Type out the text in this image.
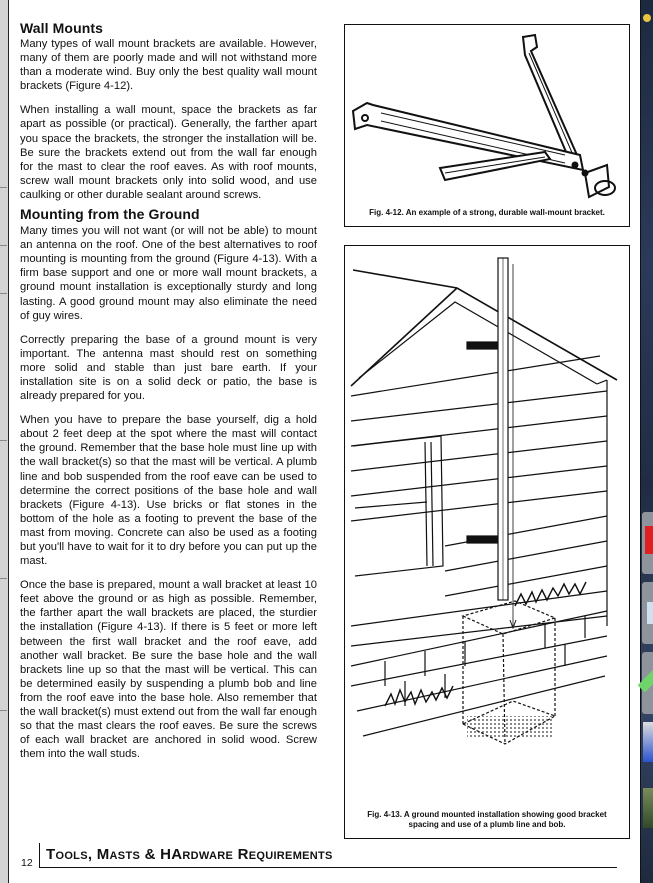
Wall Mounts

Many types of wall mount brackets are available. However, many of them are poorly made and will not withstand more than a moderate wind. Buy only the best quality wall mount brackets (Figure 4-12).

When installing a wall mount, space the brackets as far apart as possible (or practical). Generally, the farther apart you space the brackets, the stronger the installation will be. Be sure the brackets extend out from the wall far enough for the mast to clear the roof eaves. As with roof mounts, screw wall mount brackets only into solid wood, and use caulking or other durable sealant around screws.

Mounting from the Ground

Many times you will not want (or will not be able) to mount an antenna on the roof. One of the best alternatives to roof mounting is mounting from the ground (Figure 4-13). With a firm base support and one or more wall mount brackets, a ground mount installation is exceptionally sturdy and long lasting. A good ground mount may also eliminate the need of guy wires.

Correctly preparing the base of a ground mount is very important. The antenna mast should rest on something more solid and stable than just bare earth. If your installation site is on a solid deck or patio, the base is already prepared for you.

When you have to prepare the base yourself, dig a hold about 2 feet deep at the spot where the mast will contact the ground. Remember that the base hole must line up with the wall bracket(s) so that the mast will be vertical. A plumb line and bob suspended from the roof eave can be used to determine the correct positions of the base hole and wall brackets (Figure 4-13). Use bricks or flat stones in the bottom of the hole as a footing to prevent the base of the mast from moving. Concrete can also be used as a footing but you'll have to wait for it to dry before you can put up the mast.

Once the base is prepared, mount a wall bracket at least 10 feet above the ground or as high as possible. Remember, the farther apart the wall brackets are placed, the sturdier the installation (Figure 4-13). If there is 5 feet or more left between the first wall bracket and the roof eave, add another wall bracket. Be sure the base hole and the wall brackets line up so that the mast will be vertical. This can be determined easily by suspending a plumb bob and line from the roof eave into the base hole. Also remember that the wall bracket(s) must extend out from the wall far enough so that the mast clears the roof eaves. Be sure the screws of each wall bracket are anchored in solid wood. Screw them into the wall studs.

Fig. 4-12. An example of a strong, durable wall-mount bracket.
Fig. 4-13. A ground mounted installation showing good bracket
spacing and use of a plumb line and bob.
12 Tools, Masts & HArdware Requirements
